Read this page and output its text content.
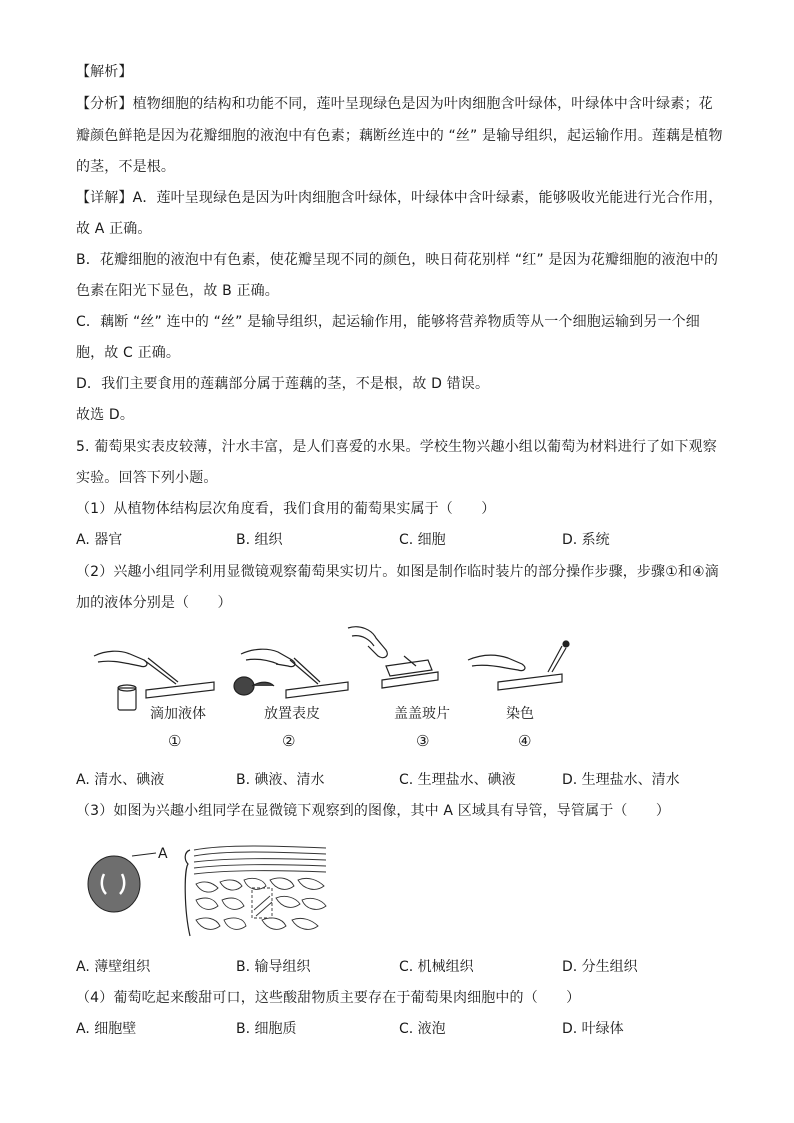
【解析】
【分析】植物细胞的结构和功能不同，莲叶呈现绿色是因为叶肉细胞含叶绿体，叶绿体中含叶绿素；花
瓣颜色鲜艳是因为花瓣细胞的液泡中有色素；藕断丝连中的 “丝” 是输导组织，起运输作用。莲藕是植物
的茎，不是根。
【详解】A．莲叶呈现绿色是因为叶肉细胞含叶绿体，叶绿体中含叶绿素，能够吸收光能进行光合作用，
故 A 正确。
B．花瓣细胞的液泡中有色素，使花瓣呈现不同的颜色，映日荷花别样 “红” 是因为花瓣细胞的液泡中的
色素在阳光下显色，故 B 正确。
C．藕断 “丝” 连中的 “丝” 是输导组织，起运输作用，能够将营养物质等从一个细胞运输到另一个细
胞，故 C 正确。
D．我们主要食用的莲藕部分属于莲藕的茎，不是根，故 D 错误。
故选 D。
5. 葡萄果实表皮较薄，汁水丰富，是人们喜爱的水果。学校生物兴趣小组以葡萄为材料进行了如下观察
实验。回答下列小题。
（1）从植物体结构层次角度看，我们食用的葡萄果实属于（　　）
A. 器官	B. 组织	C. 细胞	D. 系统
（2）兴趣小组同学利用显微镜观察葡萄果实切片。如图是制作临时装片的部分操作步骤，步骤①和④滴
加的液体分别是（　　）
滴加液体	放置表皮	盖盖玻片	染色
①	②	③	④
A. 清水、碘液	B. 碘液、清水	C. 生理盐水、碘液	D. 生理盐水、清水
（3）如图为兴趣小组同学在显微镜下观察到的图像，其中 A 区域具有导管，导管属于（　　）
A
A. 薄壁组织	B. 输导组织	C. 机械组织	D. 分生组织
（4）葡萄吃起来酸甜可口，这些酸甜物质主要存在于葡萄果肉细胞中的（　　）
A. 细胞壁	B. 细胞质	C. 液泡	D. 叶绿体
